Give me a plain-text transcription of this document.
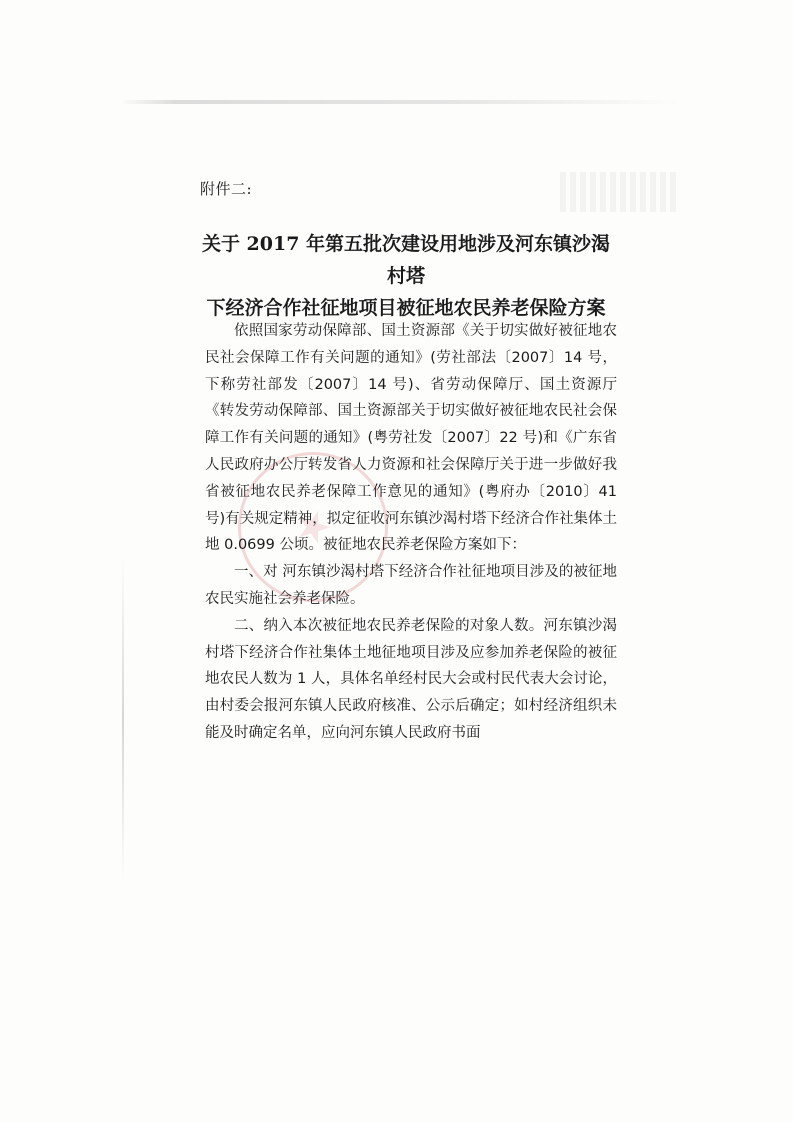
附件二:
关于 2017 年第五批次建设用地涉及河东镇沙渴村塔
下经济合作社征地项目被征地农民养老保险方案

依照国家劳动保障部、国土资源部《关于切实做好被征地农民社会保障工作有关问题的通知》(劳社部法〔2007〕14 号，下称劳社部发〔2007〕14 号)、省劳动保障厅、国土资源厅《转发劳动保障部、国土资源部关于切实做好被征地农民社会保障工作有关问题的通知》(粤劳社发〔2007〕22 号)和《广东省人民政府办公厅转发省人力资源和社会保障厅关于进一步做好我省被征地农民养老保障工作意见的通知》(粤府办〔2010〕41 号)有关规定精神，拟定征收河东镇沙渴村塔下经济合作社集体土地 0.0699 公顷。被征地农民养老保险方案如下：

一、对 河东镇沙渴村塔下经济合作社征地项目涉及的被征地农民实施社会养老保险。

二、纳入本次被征地农民养老保险的对象人数。河东镇沙渴村塔下经济合作社集体土地征地项目涉及应参加养老保险的被征地农民人数为 1 人，具体名单经村民大会或村民代表大会讨论，由村委会报河东镇人民政府核准、公示后确定；如村经济组织未能及时确定名单，应向河东镇人民政府书面
